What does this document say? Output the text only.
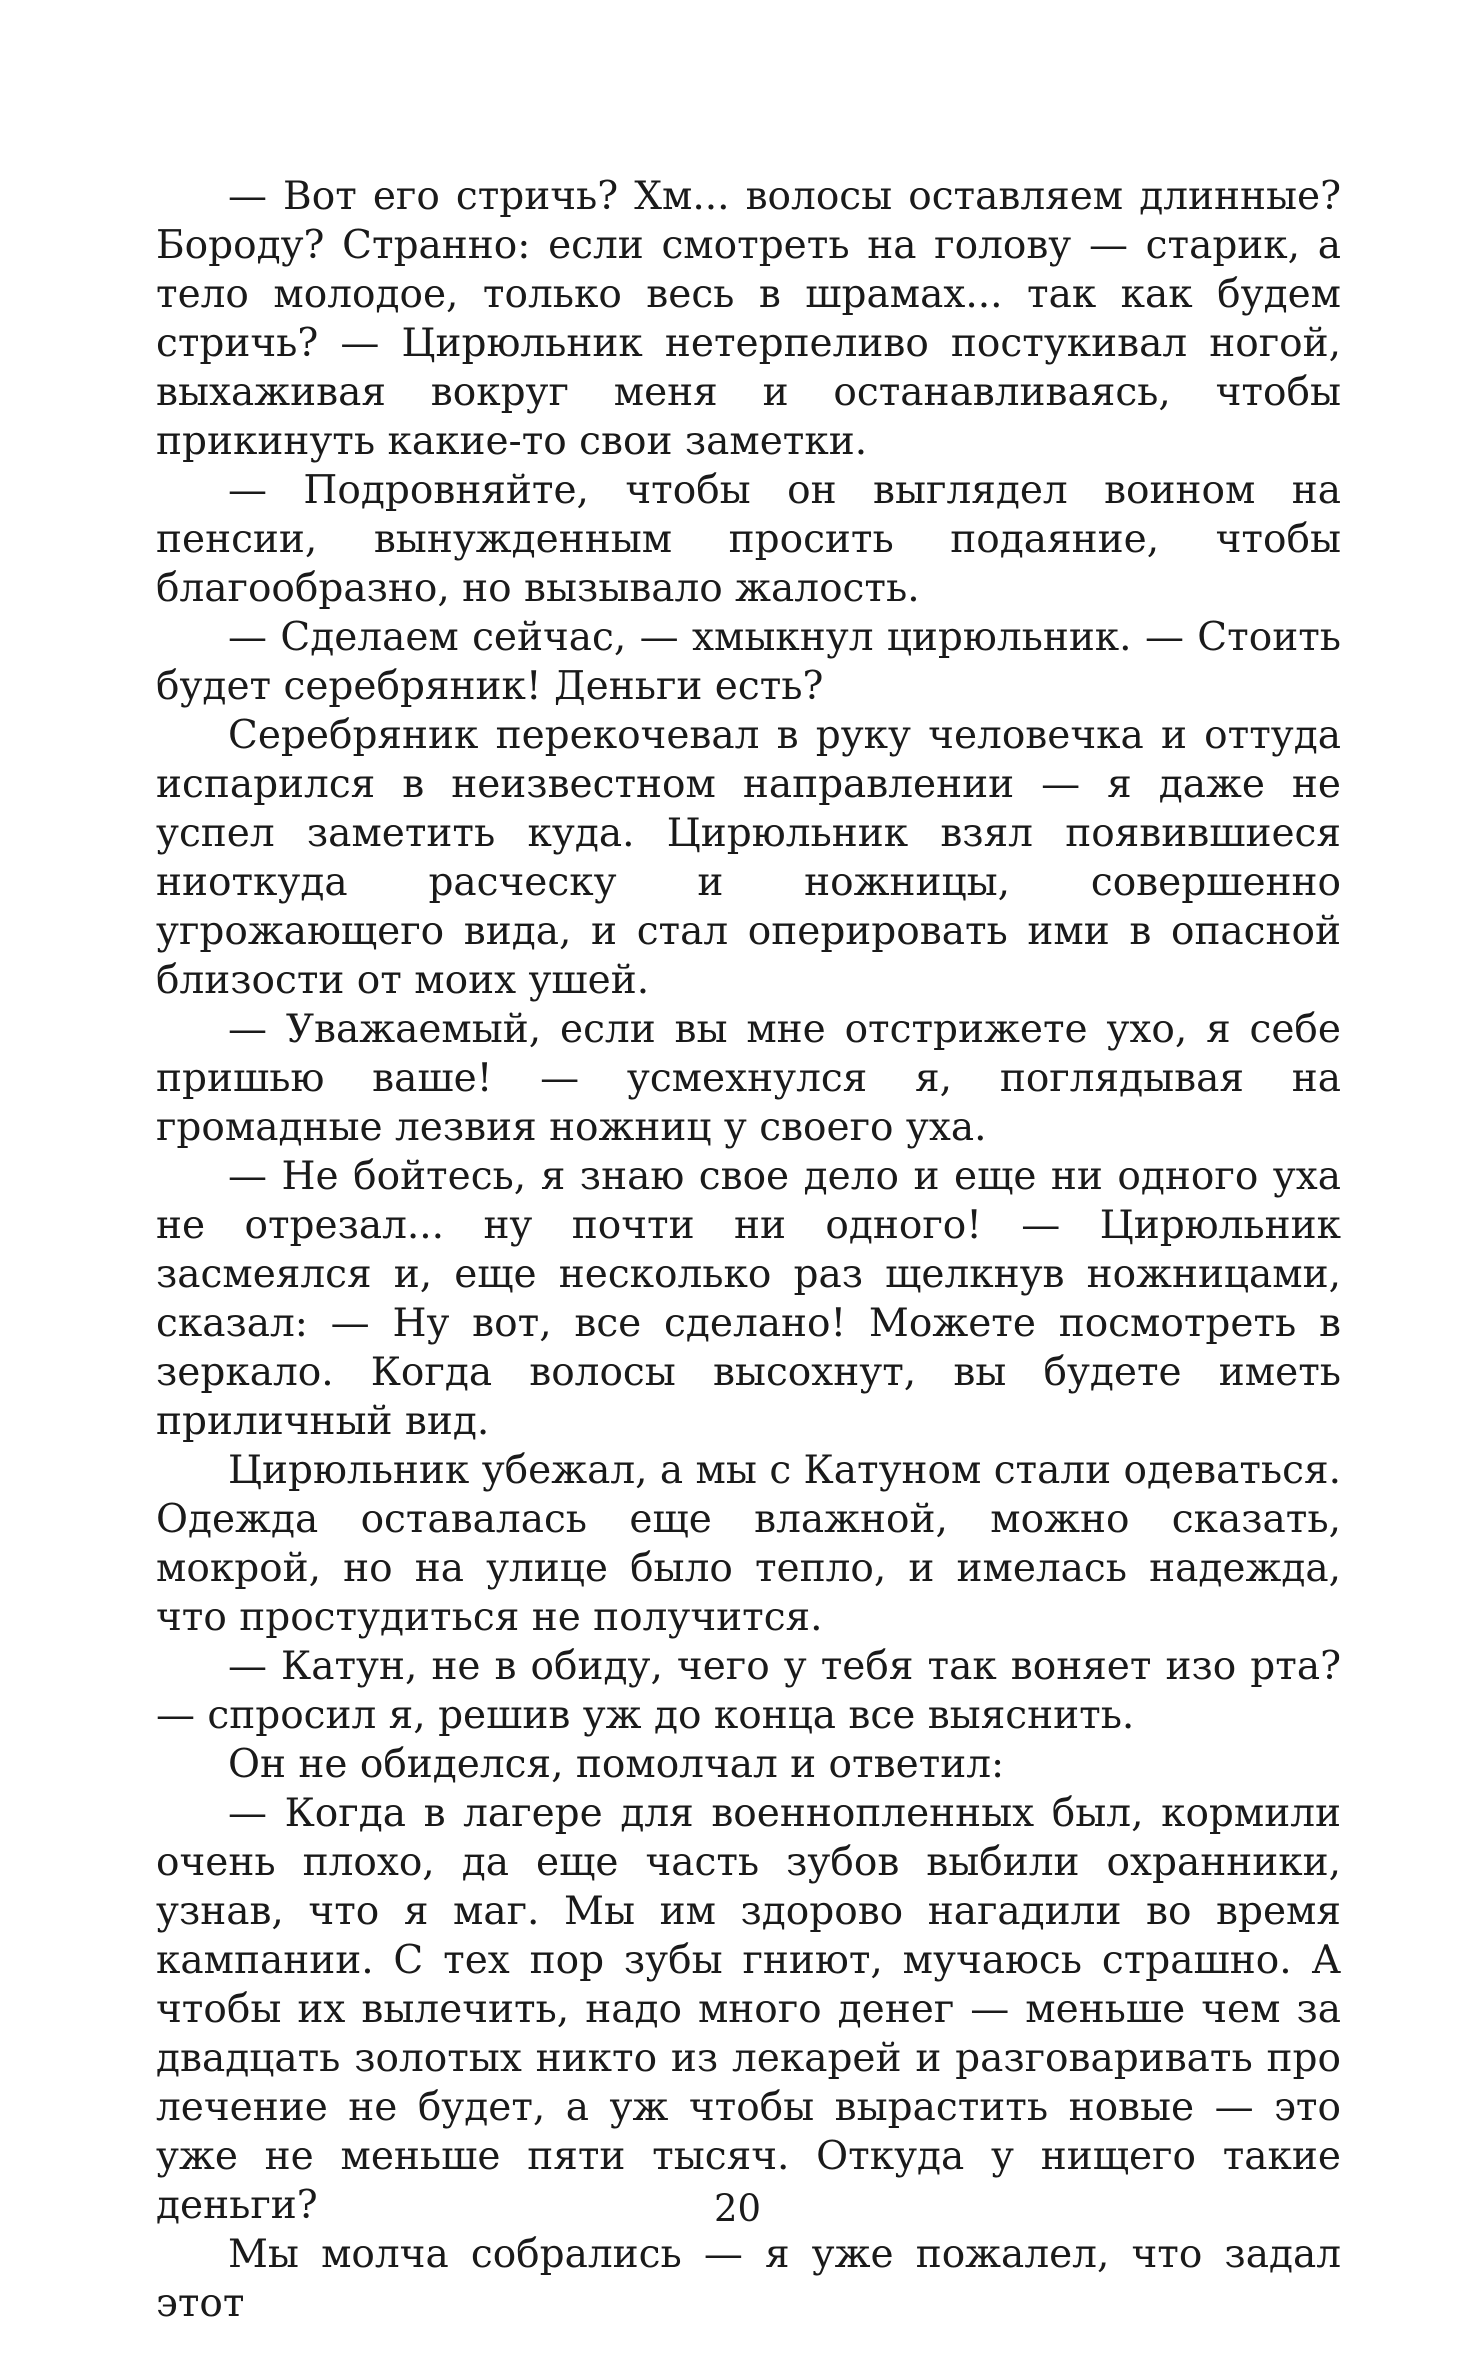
— Вот его стричь? Хм... волосы оставляем длинные? Бороду? Странно: если смотреть на голову — старик, а тело молодое, только весь в шрамах... так как будем стричь? — Цирюльник нетерпеливо постукивал ногой, выхаживая вокруг меня и останавливаясь, чтобы прикинуть какие-то свои заметки.

— Подровняйте, чтобы он выглядел воином на пенсии, вынужденным просить подаяние, чтобы благообразно, но вызывало жалость.

— Сделаем сейчас, — хмыкнул цирюльник. — Стоить будет серебряник! Деньги есть?

Серебряник перекочевал в руку человечка и оттуда испарился в неизвестном направлении — я даже не успел заметить куда. Цирюльник взял появившиеся ниоткуда расческу и ножницы, совершенно угрожающего вида, и стал оперировать ими в опасной близости от моих ушей.

— Уважаемый, если вы мне отстрижете ухо, я себе пришью ваше! — усмехнулся я, поглядывая на громадные лезвия ножниц у своего уха.

— Не бойтесь, я знаю свое дело и еще ни одного уха не отрезал... ну почти ни одного! — Цирюльник засмеялся и, еще несколько раз щелкнув ножницами, сказал: — Ну вот, все сделано! Можете посмотреть в зеркало. Когда волосы высохнут, вы будете иметь приличный вид.

Цирюльник убежал, а мы с Катуном стали одеваться. Одежда оставалась еще влажной, можно сказать, мокрой, но на улице было тепло, и имелась надежда, что простудиться не получится.

— Катун, не в обиду, чего у тебя так воняет изо рта? — спросил я, решив уж до конца все выяснить.

Он не обиделся, помолчал и ответил:

— Когда в лагере для военнопленных был, кормили очень плохо, да еще часть зубов выбили охранники, узнав, что я маг. Мы им здорово нагадили во время кампании. С тех пор зубы гниют, мучаюсь страшно. А чтобы их вылечить, надо много денег — меньше чем за двадцать золотых никто из лекарей и разговаривать про лечение не будет, а уж чтобы вырастить новые — это уже не меньше пяти тысяч. Откуда у нищего такие деньги?

Мы молча собрались — я уже пожалел, что задал этот

20
